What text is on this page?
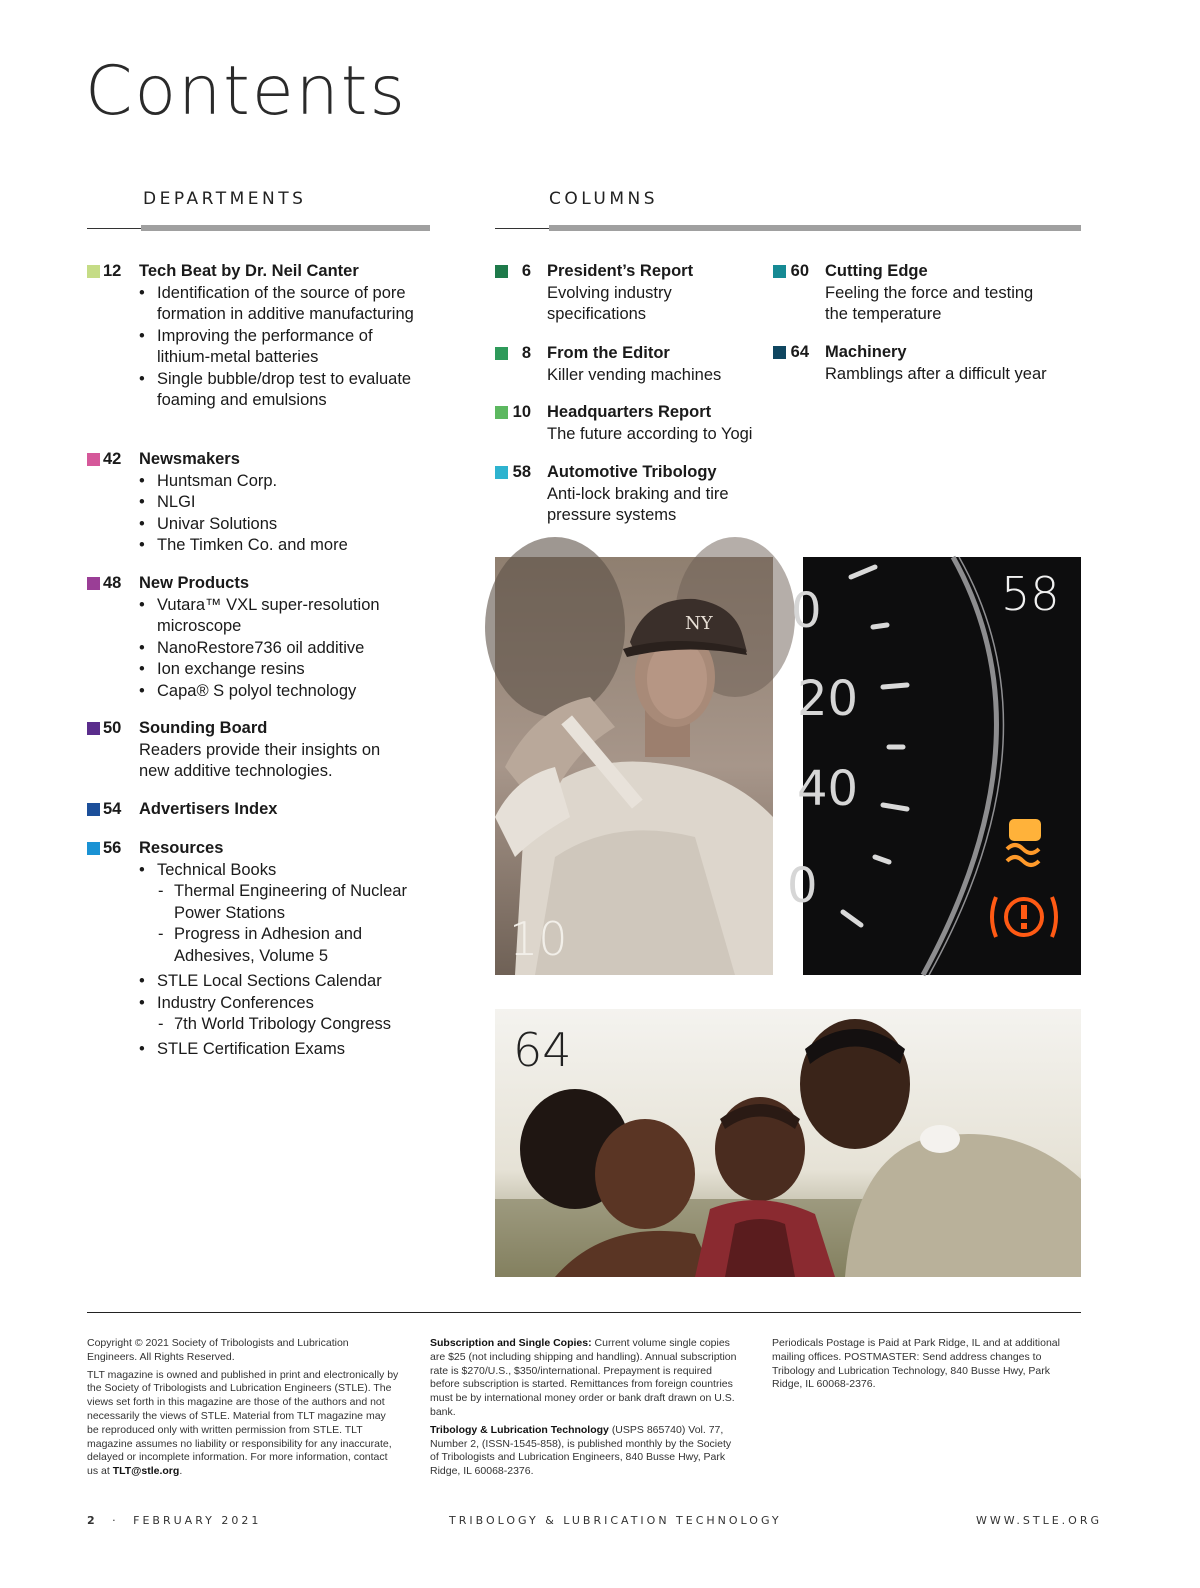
Contents
DEPARTMENTS	COLUMNS
12	Tech Beat by Dr. Neil Canter
• Identification of the source of pore formation in additive manufacturing
• Improving the performance of lithium-metal batteries
• Single bubble/drop test to evaluate foaming and emulsions
42 Newsmakers
• Huntsman Corp.
• NLGI
• Univar Solutions
• The Timken Co. and more
48 New Products
• Vutara™ VXL super-resolution microscope
• NanoRestore736 oil additive
• Ion exchange resins
• Capa® S polyol technology
50 Sounding Board
Readers provide their insights on new additive technologies.
54 Advertisers Index
56 Resources
• Technical Books
- Thermal Engineering of Nuclear Power Stations
- Progress in Adhesion and Adhesives, Volume 5
• STLE Local Sections Calendar
• Industry Conferences
- 7th World Tribology Congress
• STLE Certification Exams
6 President’s Report
Evolving industry specifications
8 From the Editor
Killer vending machines
10 Headquarters Report
The future according to Yogi
58 Automotive Tribology
Anti-lock braking and tire pressure systems
60 Cutting Edge
Feeling the force and testing the temperature
64 Machinery
Ramblings after a difficult year
NY
10
0
20
40
0
58
64

Copyright © 2021 Society of Tribologists and Lubrication Engineers. All Rights Reserved.

TLT magazine is owned and published in print and electronically by the Society of Tribologists and Lubrication Engineers (STLE). The views set forth in this magazine are those of the authors and not necessarily the views of STLE. Material from TLT magazine may be reproduced only with written permission from STLE. TLT magazine assumes no liability or responsibility for any inaccurate, delayed or incomplete information. For more information, contact us at TLT@stle.org.

Subscription and Single Copies: Current volume single copies are $25 (not including shipping and handling). Annual subscription rate is $270/U.S., $350/international. Prepayment is required before subscription is started. Remittances from foreign countries must be by international money order or bank draft drawn on U.S. bank.

Tribology & Lubrication Technology (USPS 865740) Vol. 77, Number 2, (ISSN-1545-858), is published monthly by the Society of Tribologists and Lubrication Engineers, 840 Busse Hwy, Park Ridge, IL 60068-2376.

Periodicals Postage is Paid at Park Ridge, IL and at additional mailing offices. POSTMASTER: Send address changes to Tribology and Lubrication Technology, 840 Busse Hwy, Park Ridge, IL 60068-2376.

2 · FEBRUARY 2021	TRIBOLOGY & LUBRICATION TECHNOLOGY	WWW.STLE.ORG
